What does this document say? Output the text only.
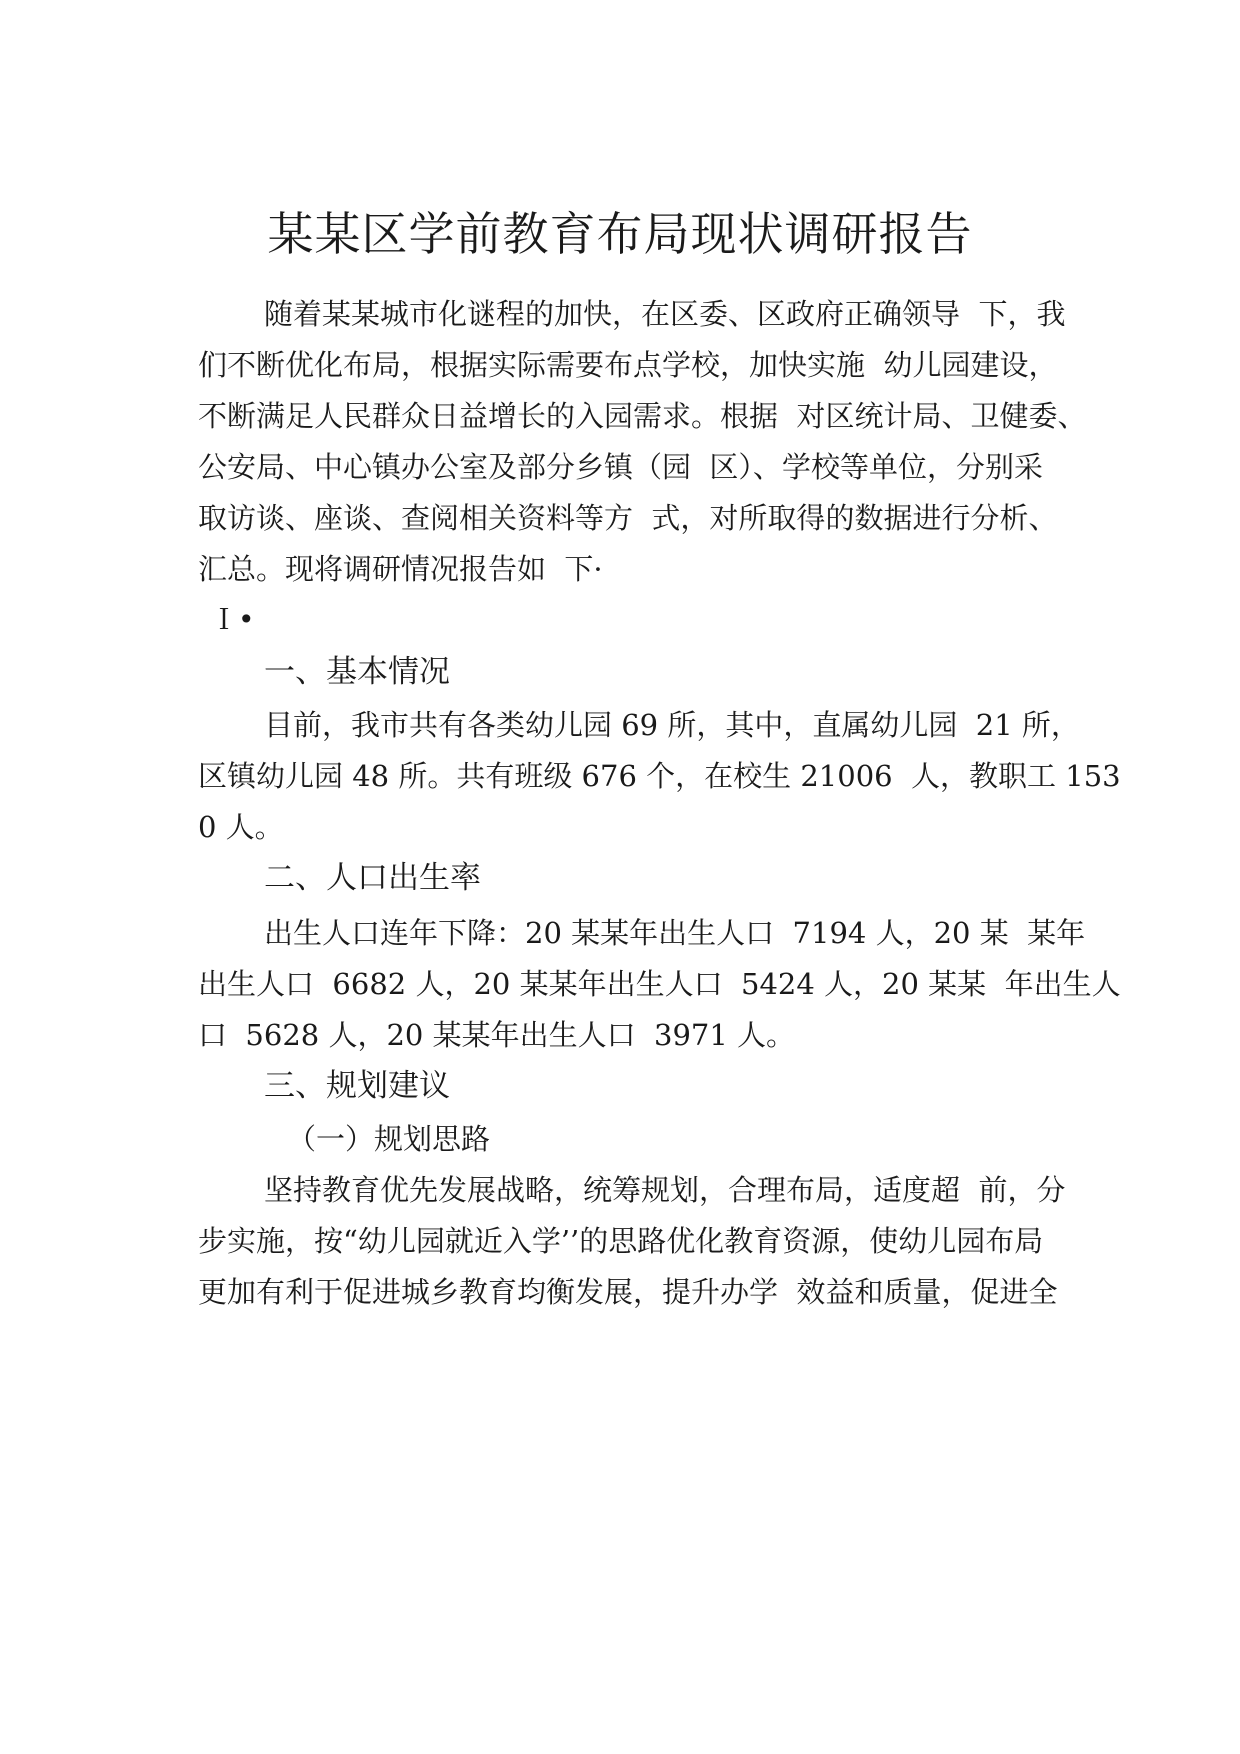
某某区学前教育布局现状调研报告
随着某某城市化谜程的加快，在区委、区政府正确领导  下，我
们不断优化布局，根据实际需要布点学校，加快实施  幼儿园建设，
不断满足人民群众日益增长的入园需求。根据  对区统计局、卫健委、
公安局、中心镇办公室及部分乡镇（园  区）、学校等单位，分别采
取访谈、座谈、查阅相关资料等方  式，对所取得的数据进行分析、
汇总。现将调研情况报告如  下·
Ｉ•
一、基本情况
目前，我市共有各类幼儿园 69 所，其中，直属幼儿园  21 所，
区镇幼儿园 48 所。共有班级 676 个，在校生 21006  人，教职工 153
0 人。
二、人口出生率
出生人口连年下降：20 某某年出生人口  7194 人，20 某  某年
出生人口  6682 人，20 某某年出生人口  5424 人，20 某某  年出生人
口  5628 人，20 某某年出生人口  3971 人。
三、规划建议
（一）规划思路
坚持教育优先发展战略，统筹规划，合理布局，适度超  前，分
步实施，按“幼儿园就近入学’’的思路优化教育资源，使幼儿园布局
更加有利于促进城乡教育均衡发展，提升办学  效益和质量，促进全
